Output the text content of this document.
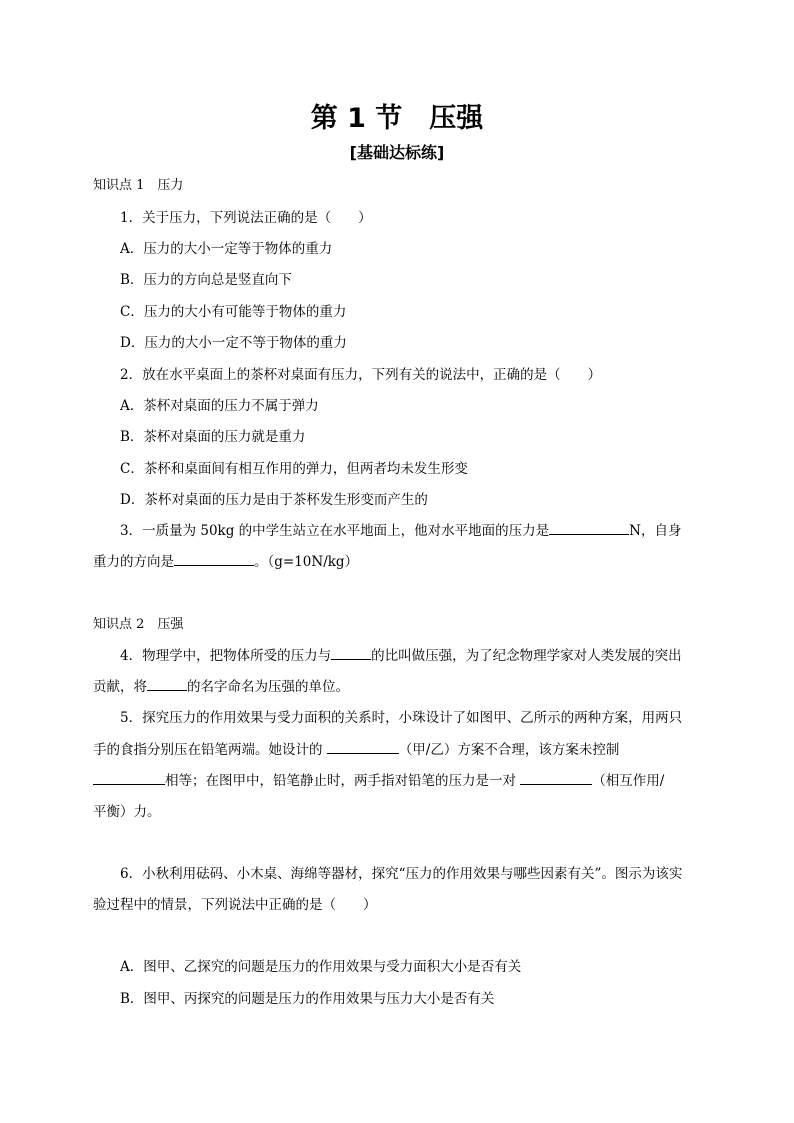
第 1 节　压强
[基础达标练]
知识点 1　压力
1．关于压力，下列说法正确的是（　　）
A．压力的大小一定等于物体的重力
B．压力的方向总是竖直向下
C．压力的大小有可能等于物体的重力
D．压力的大小一定不等于物体的重力
2．放在水平桌面上的茶杯对桌面有压力，下列有关的说法中，正确的是（　　）
A．茶杯对桌面的压力不属于弹力
B．茶杯对桌面的压力就是重力
C．茶杯和桌面间有相互作用的弹力，但两者均未发生形变
D．茶杯对桌面的压力是由于茶杯发生形变而产生的
3．一质量为 50kg 的中学生站立在水平地面上，他对水平地面的压力是	N，自身
重力的方向是	。（g=10N/kg）
知识点 2　压强
4．物理学中，把物体所受的压力与	的比叫做压强，为了纪念物理学家对人类发展的突出
贡献，将	的名字命名为压强的单位。
5．探究压力的作用效果与受力面积的关系时，小珠设计了如图甲、乙所示的两种方案，用两只
手的食指分别压在铅笔两端。她设计的	（甲/乙）方案不合理，该方案未控制
相等；在图甲中，铅笔静止时，两手指对铅笔的压力是一对	（相互作用/
平衡）力。
6．小秋利用砝码、小木桌、海绵等器材，探究“压力的作用效果与哪些因素有关”。图示为该实
验过程中的情景，下列说法中正确的是（　　）
A．图甲、乙探究的问题是压力的作用效果与受力面积大小是否有关
B．图甲、丙探究的问题是压力的作用效果与压力大小是否有关
